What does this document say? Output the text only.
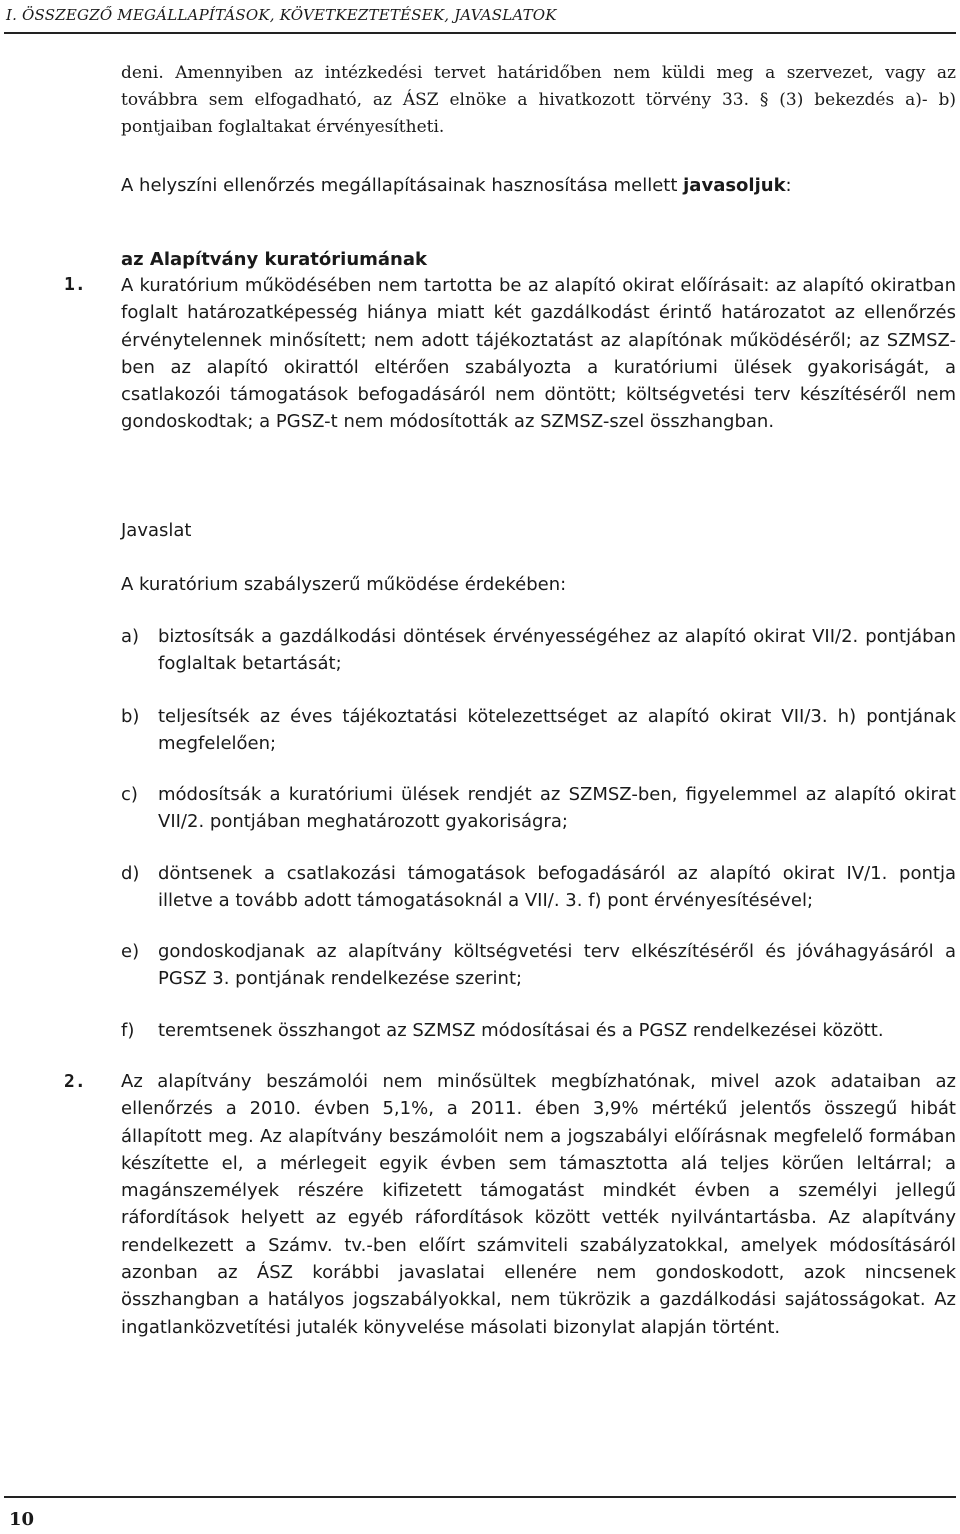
I. ÖSSZEGZŐ MEGÁLLAPÍTÁSOK, KÖVETKEZTETÉSEK, JAVASLATOK
deni. Amennyiben az intézkedési tervet határidőben nem küldi meg a szervezet, vagy az továbbra sem elfogadható, az ÁSZ elnöke a hivatkozott törvény 33. § (3) bekezdés a)- b) pontjaiban foglaltakat érvényesítheti.
A helyszíni ellenőrzés megállapításainak hasznosítása mellett javasoljuk:
az Alapítvány kuratóriumának
1. A kuratórium működésében nem tartotta be az alapító okirat előírásait: az alapító okiratban foglalt határozatképesség hiánya miatt két gazdálkodást érintő határozatot az ellenőrzés érvénytelennek minősített; nem adott tájékoztatást az alapítónak működéséről; az SZMSZ-ben az alapító okirattól eltérően szabályozta a kuratóriumi ülések gyakoriságát, a csatlakozói támogatások befogadásáról nem döntött; költségvetési terv készítéséről nem gondoskodtak; a PGSZ-t nem módosították az SZMSZ-szel összhangban.
Javaslat
A kuratórium szabályszerű működése érdekében:
a) biztosítsák a gazdálkodási döntések érvényességéhez az alapító okirat VII/2. pontjában foglaltak betartását;
b) teljesítsék az éves tájékoztatási kötelezettséget az alapító okirat VII/3. h) pontjának megfelelően;
c) módosítsák a kuratóriumi ülések rendjét az SZMSZ-ben, figyelemmel az alapító okirat VII/2. pontjában meghatározott gyakoriságra;
d) döntsenek a csatlakozási támogatások befogadásáról az alapító okirat IV/1. pontja illetve a tovább adott támogatásoknál a VII/. 3. f) pont érvényesítésével;
e) gondoskodjanak az alapítvány költségvetési terv elkészítéséről és jóváhagyásáról a PGSZ 3. pontjának rendelkezése szerint;
f) teremtsenek összhangot az SZMSZ módosításai és a PGSZ rendelkezései között.
2. Az alapítvány beszámolói nem minősültek megbízhatónak, mivel azok adataiban az ellenőrzés a 2010. évben 5,1%, a 2011. ében 3,9% mértékű jelentős összegű hibát állapított meg. Az alapítvány beszámolóit nem a jogszabályi előírásnak megfelelő formában készítette el, a mérlegeit egyik évben sem támasztotta alá teljes körűen leltárral; a magánszemélyek részére kifizetett támogatást mindkét évben a személyi jellegű ráfordítások helyett az egyéb ráfordítások között vették nyilvántartásba. Az alapítvány rendelkezett a Számv. tv.-ben előírt számviteli szabályzatokkal, amelyek módosításáról azonban az ÁSZ korábbi javaslatai ellenére nem gondoskodott, azok nincsenek összhangban a hatályos jogszabályokkal, nem tükrözik a gazdálkodási sajátosságokat. Az ingatlanközvetítési jutalék könyvelése másolati bizonylat alapján történt.
10
